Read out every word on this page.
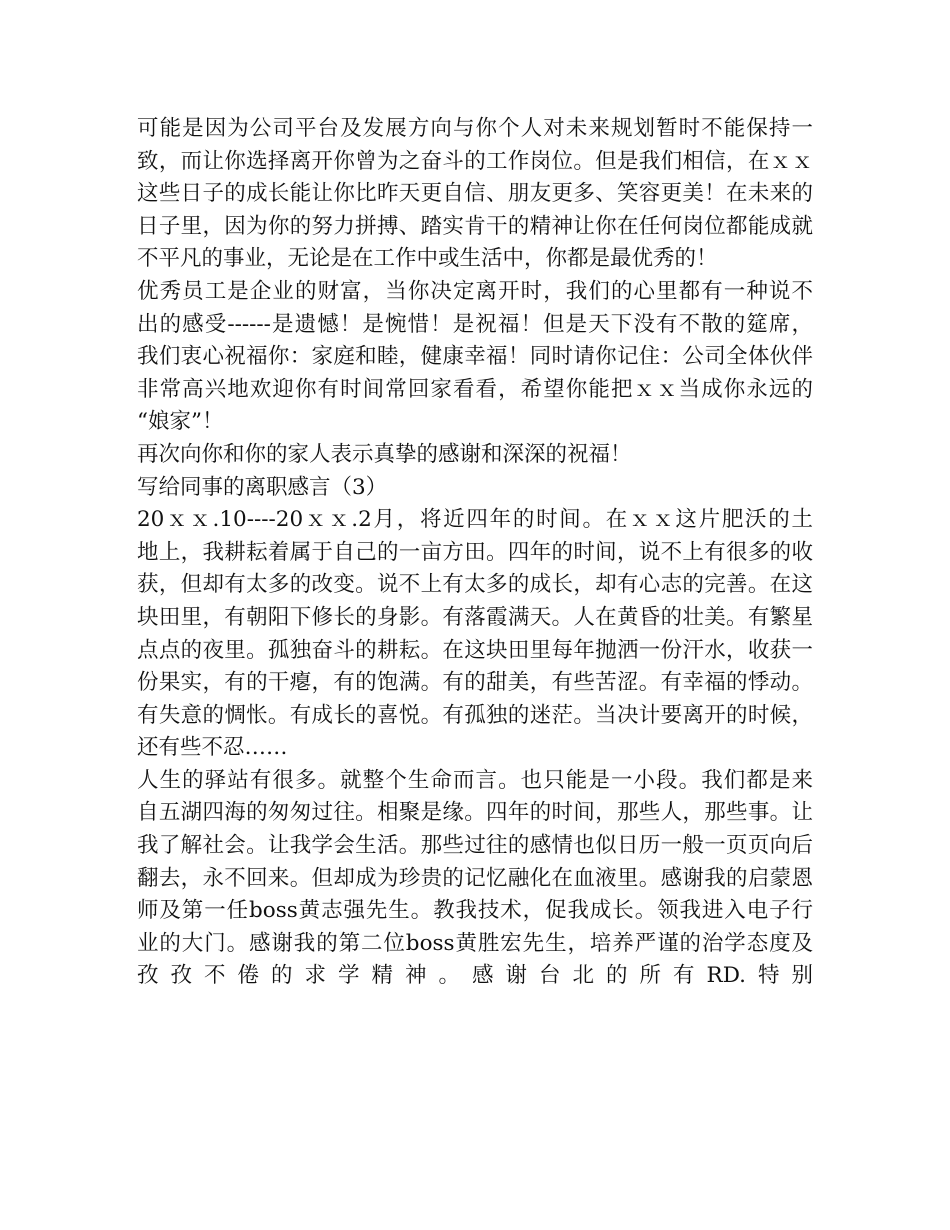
可能是因为公司平台及发展方向与你个人对未来规划暂时不能保持一
致，而让你选择离开你曾为之奋斗的工作岗位。但是我们相信，在ｘｘ
这些日子的成长能让你比昨天更自信、朋友更多、笑容更美！在未来的
日子里，因为你的努力拼搏、踏实肯干的精神让你在任何岗位都能成就
不平凡的事业，无论是在工作中或生活中，你都是最优秀的！
优秀员工是企业的财富，当你决定离开时，我们的心里都有一种说不
出的感受------是遗憾！是惋惜！是祝福！但是天下没有不散的筵席，
我们衷心祝福你：家庭和睦，健康幸福！同时请你记住：公司全体伙伴
非常高兴地欢迎你有时间常回家看看，希望你能把ｘｘ当成你永远的
“娘家”！
再次向你和你的家人表示真挚的感谢和深深的祝福！
写给同事的离职感言（3）
20ｘｘ.10----20ｘｘ.2月，将近四年的时间。在ｘｘ这片肥沃的土
地上，我耕耘着属于自己的一亩方田。四年的时间，说不上有很多的收
获，但却有太多的改变。说不上有太多的成长，却有心志的完善。在这
块田里，有朝阳下修长的身影。有落霞满天。人在黄昏的壮美。有繁星
点点的夜里。孤独奋斗的耕耘。在这块田里每年抛洒一份汗水，收获一
份果实，有的干瘪，有的饱满。有的甜美，有些苦涩。有幸福的悸动。
有失意的惆怅。有成长的喜悦。有孤独的迷茫。当决计要离开的时候，
还有些不忍……
人生的驿站有很多。就整个生命而言。也只能是一小段。我们都是来
自五湖四海的匆匆过往。相聚是缘。四年的时间，那些人，那些事。让
我了解社会。让我学会生活。那些过往的感情也似日历一般一页页向后
翻去，永不回来。但却成为珍贵的记忆融化在血液里。感谢我的启蒙恩
师及第一任boss黄志强先生。教我技术，促我成长。领我进入电子行
业的大门。感谢我的第二位boss黄胜宏先生，培养严谨的治学态度及
孜 孜 不 倦 的 求 学 精 神 。 感 谢 台 北 的 所 有 RD. 特 别
